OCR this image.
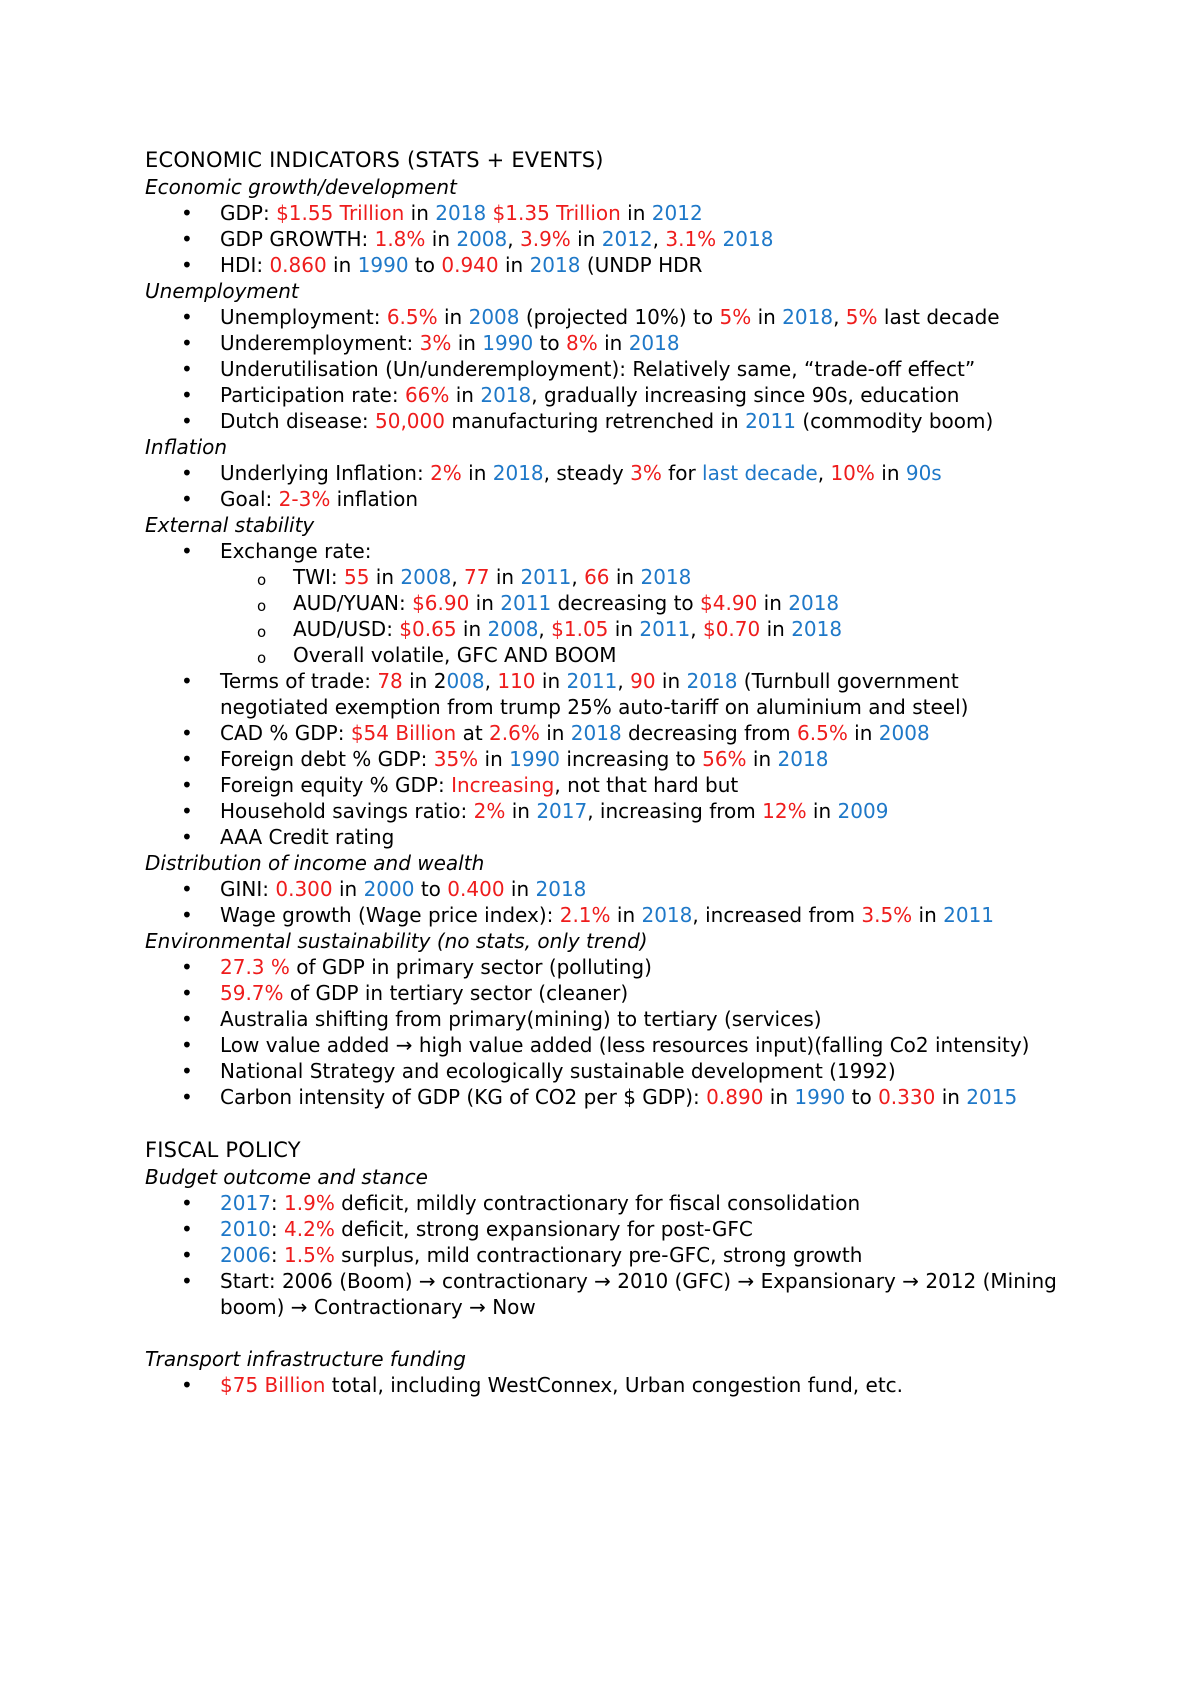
ECONOMIC INDICATORS (STATS + EVENTS)
Economic growth/development
• GDP: $1.55 Trillion in 2018 $1.35 Trillion in 2012
• GDP GROWTH: 1.8% in 2008, 3.9% in 2012, 3.1% 2018
• HDI: 0.860 in 1990 to 0.940 in 2018 (UNDP HDR
Unemployment
• Unemployment: 6.5% in 2008 (projected 10%) to 5% in 2018, 5% last decade
• Underemployment: 3% in 1990 to 8% in 2018
• Underutilisation (Un/underemployment): Relatively same, “trade-off effect”
• Participation rate: 66% in 2018, gradually increasing since 90s, education
• Dutch disease: 50,000 manufacturing retrenched in 2011 (commodity boom)
Inflation
• Underlying Inflation: 2% in 2018, steady 3% for last decade, 10% in 90s
• Goal: 2-3% inflation
External stability
• Exchange rate:
o TWI: 55 in 2008, 77 in 2011, 66 in 2018
o AUD/YUAN: $6.90 in 2011 decreasing to $4.90 in 2018
o AUD/USD: $0.65 in 2008, $1.05 in 2011, $0.70 in 2018
o Overall volatile, GFC AND BOOM
• Terms of trade: 78 in 2008, 110 in 2011, 90 in 2018 (Turnbull government negotiated exemption from trump 25% auto-tariff on aluminium and steel)
• CAD % GDP: $54 Billion at 2.6% in 2018 decreasing from 6.5% in 2008
• Foreign debt % GDP: 35% in 1990 increasing to 56% in 2018
• Foreign equity % GDP: Increasing, not that hard but
• Household savings ratio: 2% in 2017, increasing from 12% in 2009
• AAA Credit rating
Distribution of income and wealth
• GINI: 0.300 in 2000 to 0.400 in 2018
• Wage growth (Wage price index): 2.1% in 2018, increased from 3.5% in 2011
Environmental sustainability (no stats, only trend)
• 27.3 % of GDP in primary sector (polluting)
• 59.7% of GDP in tertiary sector (cleaner)
• Australia shifting from primary(mining) to tertiary (services)
• Low value added → high value added (less resources input)(falling Co2 intensity)
• National Strategy and ecologically sustainable development (1992)
• Carbon intensity of GDP (KG of CO2 per $ GDP): 0.890 in 1990 to 0.330 in 2015
FISCAL POLICY
Budget outcome and stance
• 2017: 1.9% deficit, mildly contractionary for fiscal consolidation
• 2010: 4.2% deficit, strong expansionary for post-GFC
• 2006: 1.5% surplus, mild contractionary pre-GFC, strong growth
• Start: 2006 (Boom) → contractionary → 2010 (GFC) → Expansionary → 2012 (Mining boom) → Contractionary → Now
Transport infrastructure funding
• $75 Billion total, including WestConnex, Urban congestion fund, etc.
